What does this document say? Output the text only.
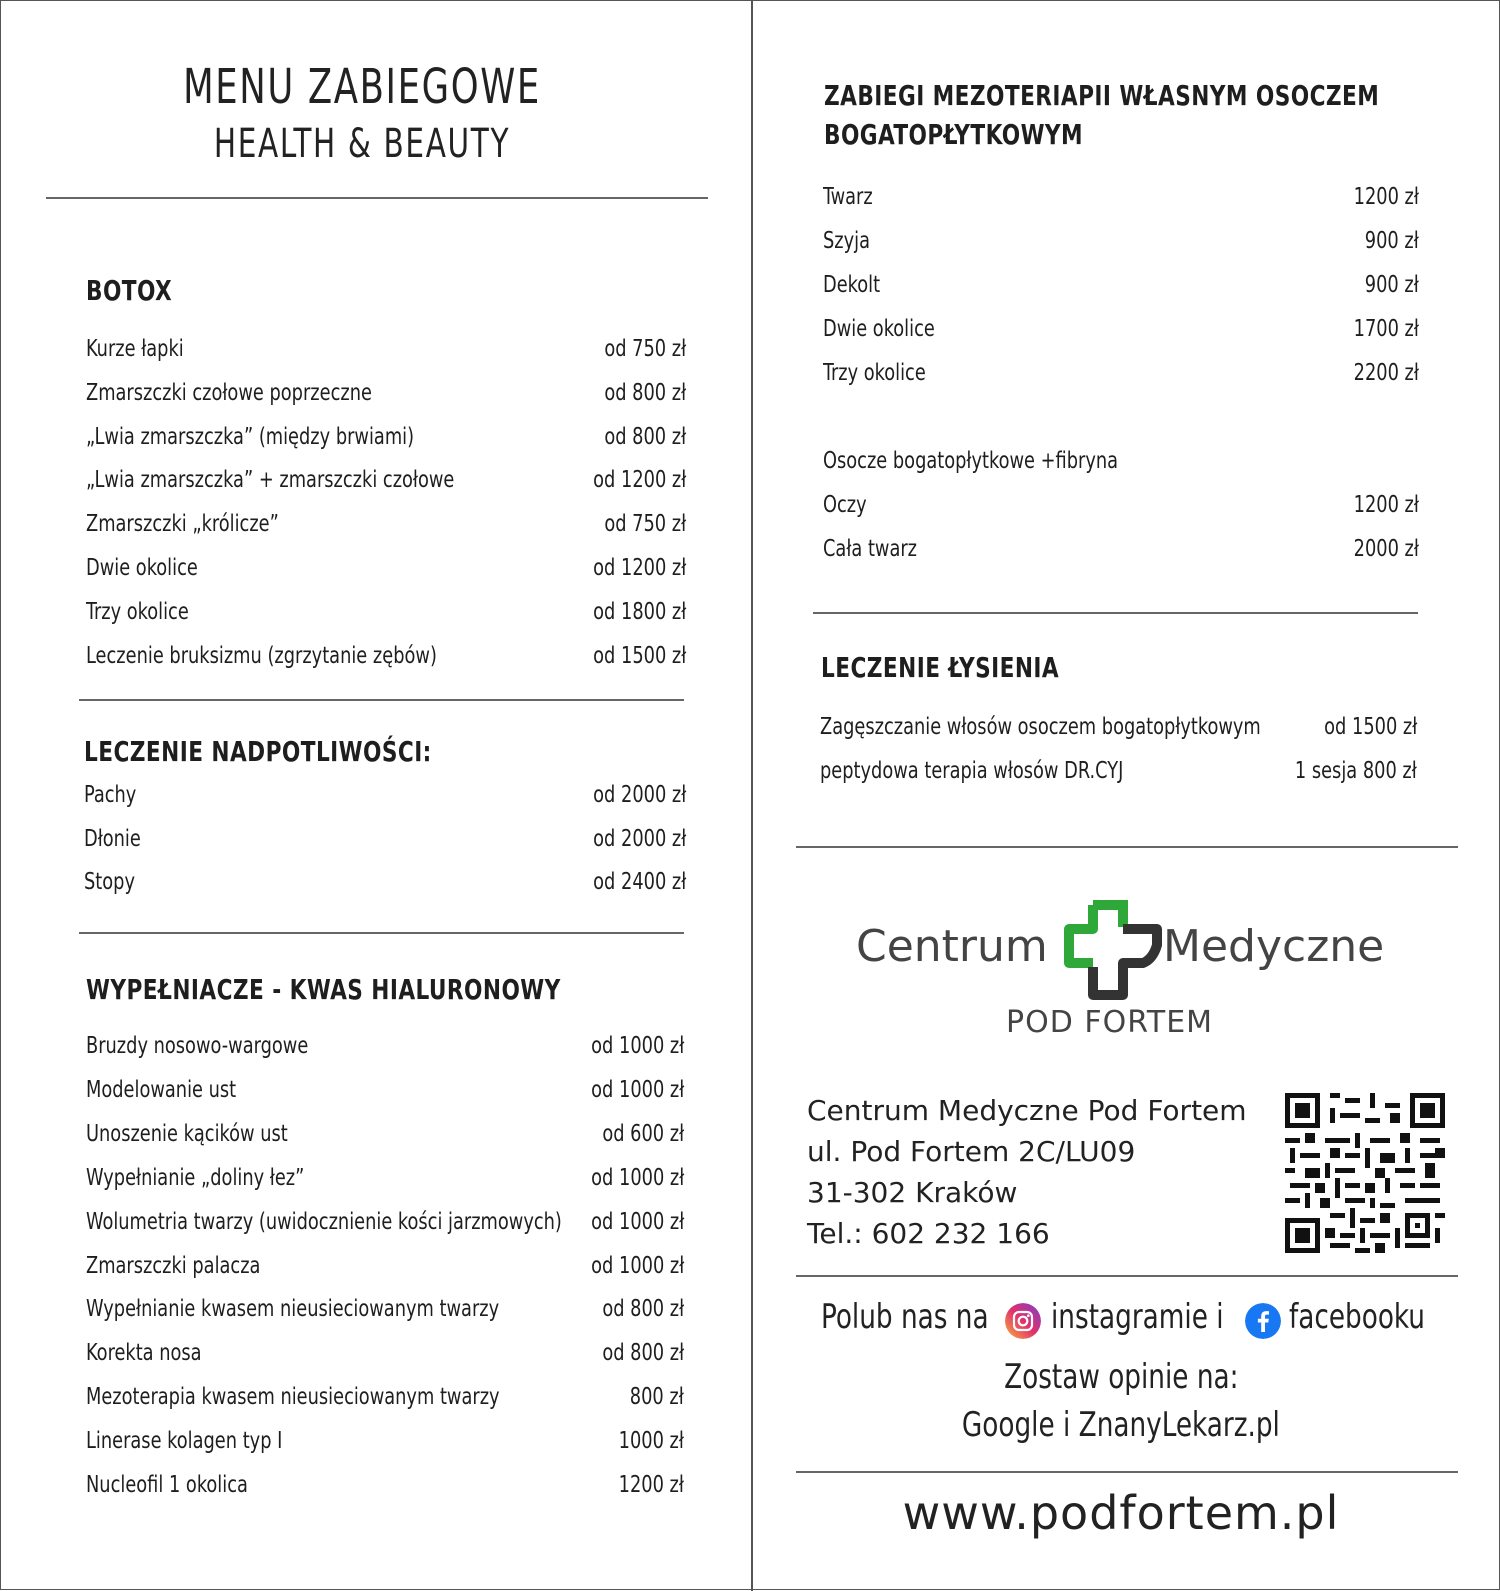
MENU ZABIEGOWE
HEALTH & BEAUTY
BOTOX
Kurze łapki	od 750 zł
Zmarszczki czołowe poprzeczne	od 800 zł
„Lwia zmarszczka” (między brwiami)	od 800 zł
„Lwia zmarszczka” + zmarszczki czołowe	od 1200 zł
Zmarszczki „królicze”	od 750 zł
Dwie okolice	od 1200 zł
Trzy okolice	od 1800 zł
Leczenie bruksizmu (zgrzytanie zębów)	od 1500 zł
LECZENIE NADPOTLIWOŚCI:
Pachy	od 2000 zł
Dłonie	od 2000 zł
Stopy	od 2400 zł
WYPEŁNIACZE - KWAS HIALURONOWY
Bruzdy nosowo-wargowe	od 1000 zł
Modelowanie ust	od 1000 zł
Unoszenie kącików ust	od 600 zł
Wypełnianie „doliny łez”	od 1000 zł
Wolumetria twarzy (uwidocznienie kości jarzmowych) od 1000 zł
Zmarszczki palacza	od 1000 zł
Wypełnianie kwasem nieusieciowanym twarzy	od 800 zł
Korekta nosa	od 800 zł
Mezoterapia kwasem nieusieciowanym twarzy	800 zł
Linerase kolagen typ I	1000 zł
Nucleofil 1 okolica	1200 zł
ZABIEGI MEZOTERIAPII WŁASNYM OSOCZEM
BOGATOPŁYTKOWYM
Twarz	1200 zł
Szyja	900 zł
Dekolt	900 zł
Dwie okolice	1700 zł
Trzy okolice	2200 zł
Osocze bogatopłytkowe +fibryna
Oczy	1200 zł
Cała twarz	2000 zł
LECZENIE ŁYSIENIA
Zagęszczanie włosów osoczem bogatopłytkowym	od 1500 zł
peptydowa terapia włosów DR.CYJ	1 sesja 800 zł
Centrum	Medyczne
POD FORTEM
Centrum Medyczne Pod Fortem
ul. Pod Fortem 2C/LU09
31-302 Kraków
Tel.: 602 232 166
Polub nas na instagramie i facebooku
Zostaw opinie na:
Google i ZnanyLekarz.pl
www.podfortem.pl
